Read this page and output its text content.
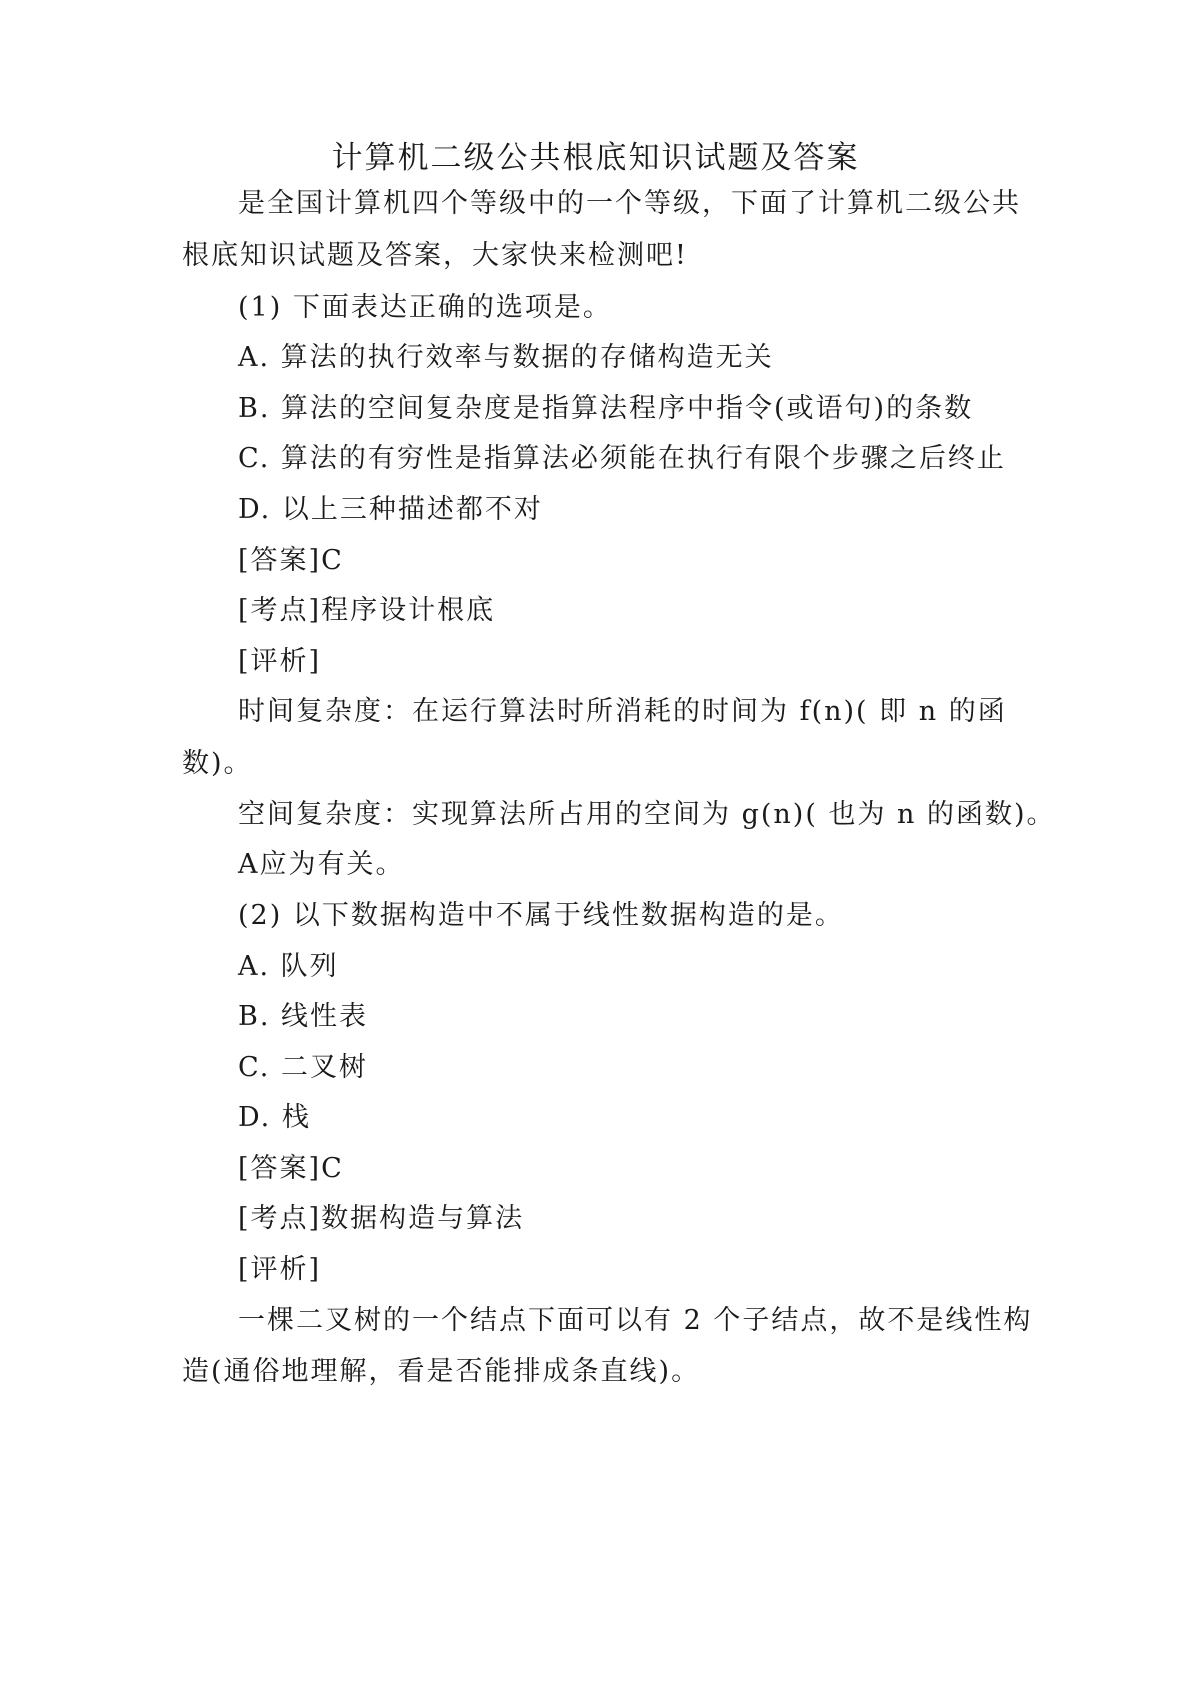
计算机二级公共根底知识试题及答案
是全国计算机四个等级中的一个等级，下面了计算机二级公共
根底知识试题及答案，大家快来检测吧!
(1) 下面表达正确的选项是。
A. 算法的执行效率与数据的存储构造无关
B. 算法的空间复杂度是指算法程序中指令(或语句)的条数
C. 算法的有穷性是指算法必须能在执行有限个步骤之后终止
D. 以上三种描述都不对
[答案]C
[考点]程序设计根底
[评析]
时间复杂度：在运行算法时所消耗的时间为 f(n)( 即 n 的函
数)。
空间复杂度：实现算法所占用的空间为 g(n)( 也为 n 的函数)。
A应为有关。
(2) 以下数据构造中不属于线性数据构造的是。
A. 队列
B. 线性表
C. 二叉树
D. 栈
[答案]C
[考点]数据构造与算法
[评析]
一棵二叉树的一个结点下面可以有 2 个子结点，故不是线性构
造(通俗地理解，看是否能排成条直线)。
